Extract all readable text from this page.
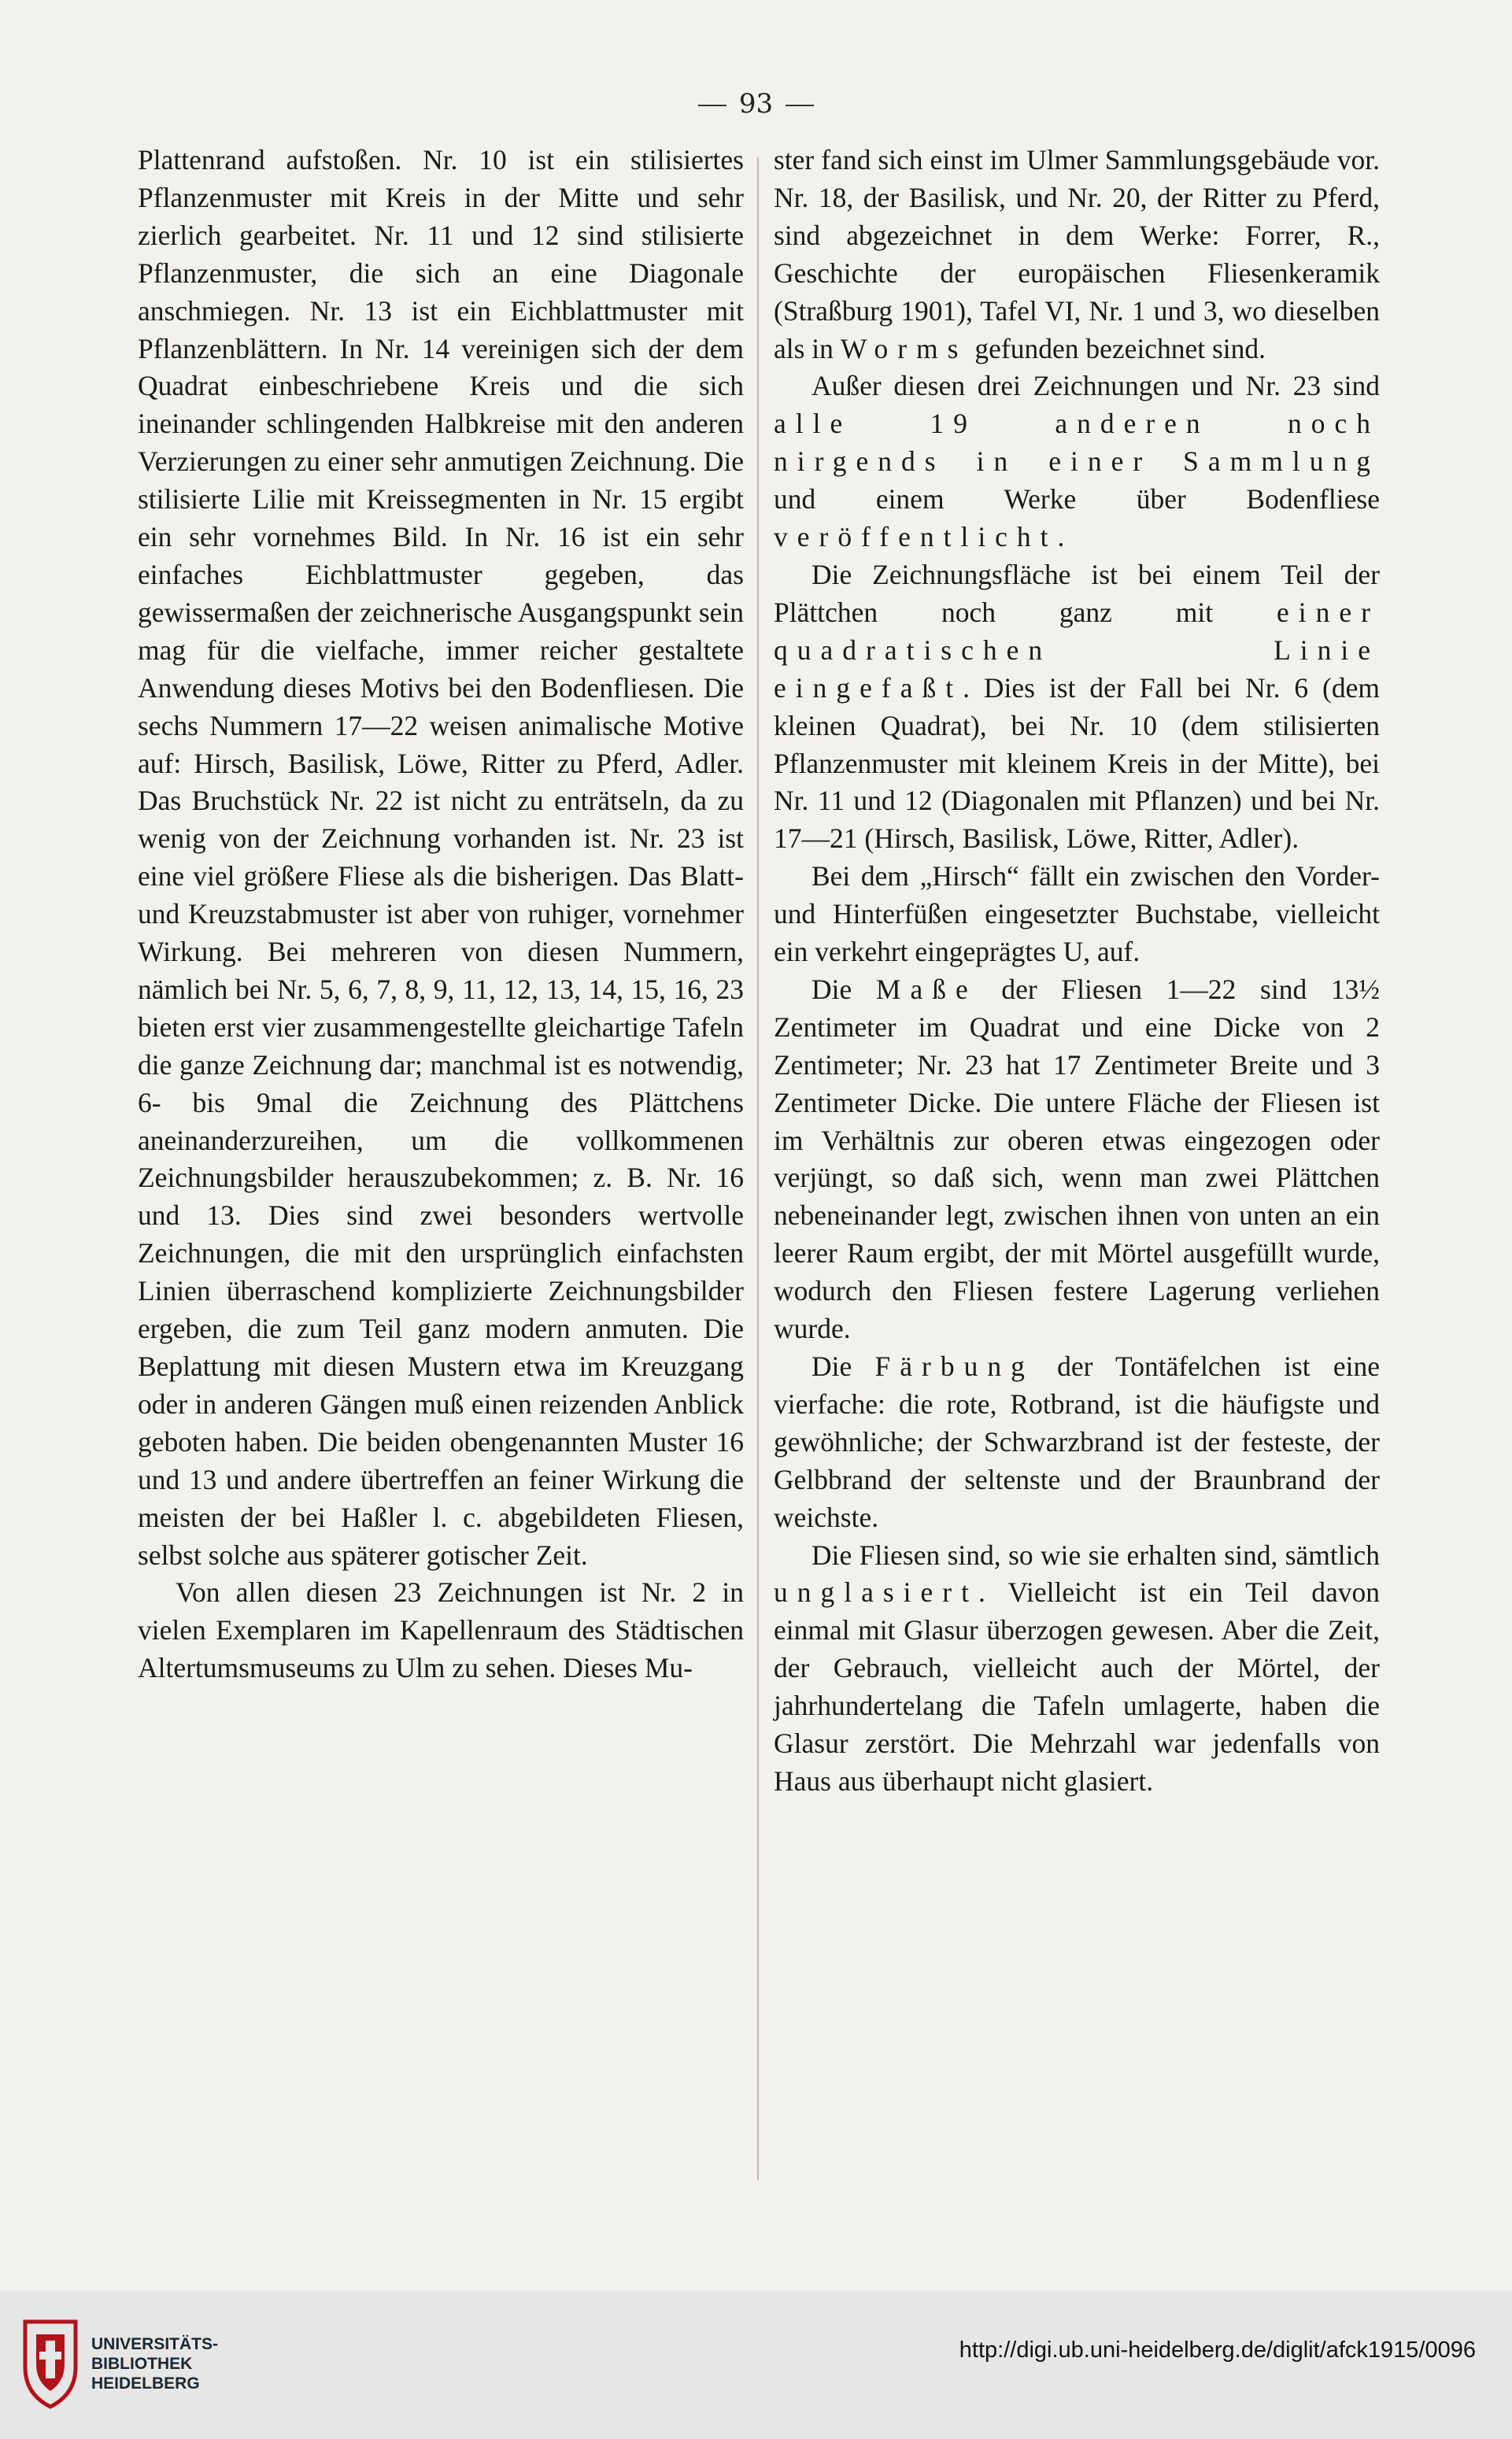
93

Plattenrand aufstoßen. Nr. 10 ist ein stilisiertes Pflanzenmuster mit Kreis in der Mitte und sehr zierlich gearbeitet. Nr. 11 und 12 sind stilisierte Pflanzenmuster, die sich an eine Diagonale anschmiegen. Nr. 13 ist ein Eichblattmuster mit Pflanzenblättern. In Nr. 14 vereinigen sich der dem Quadrat einbeschriebene Kreis und die sich ineinander schlingenden Halbkreise mit den anderen Verzierungen zu einer sehr anmutigen Zeichnung. Die stilisierte Lilie mit Kreissegmenten in Nr. 15 ergibt ein sehr vornehmes Bild. In Nr. 16 ist ein sehr einfaches Eichblattmuster gegeben, das gewissermaßen der zeichnerische Ausgangspunkt sein mag für die vielfache, immer reicher gestaltete Anwendung dieses Motivs bei den Bodenfliesen. Die sechs Nummern 17—22 weisen animalische Motive auf: Hirsch, Basilisk, Löwe, Ritter zu Pferd, Adler. Das Bruchstück Nr. 22 ist nicht zu enträtseln, da zu wenig von der Zeichnung vorhanden ist. Nr. 23 ist eine viel größere Fliese als die bisherigen. Das Blatt- und Kreuzstabmuster ist aber von ruhiger, vornehmer Wirkung. Bei mehreren von diesen Nummern, nämlich bei Nr. 5, 6, 7, 8, 9, 11, 12, 13, 14, 15, 16, 23 bieten erst vier zusammengestellte gleichartige Tafeln die ganze Zeichnung dar; manchmal ist es notwendig, 6- bis 9mal die Zeichnung des Plättchens aneinanderzureihen, um die vollkommenen Zeichnungsbilder herauszubekommen; z. B. Nr. 16 und 13. Dies sind zwei besonders wertvolle Zeichnungen, die mit den ursprünglich einfachsten Linien überraschend komplizierte Zeichnungsbilder ergeben, die zum Teil ganz modern anmuten. Die Beplattung mit diesen Mustern etwa im Kreuzgang oder in anderen Gängen muß einen reizenden Anblick geboten haben. Die beiden obengenannten Muster 16 und 13 und andere übertreffen an feiner Wirkung die meisten der bei Haßler l. c. abgebildeten Fliesen, selbst solche aus späterer gotischer Zeit.

Von allen diesen 23 Zeichnungen ist Nr. 2 in vielen Exemplaren im Kapellenraum des Städtischen Altertumsmuseums zu Ulm zu sehen. Dieses Mu-

ster fand sich einst im Ulmer Sammlungsgebäude vor. Nr. 18, der Basilisk, und Nr. 20, der Ritter zu Pferd, sind abgezeichnet in dem Werke: Forrer, R., Geschichte der europäischen Fliesenkeramik (Straßburg 1901), Tafel VI, Nr. 1 und 3, wo dieselben als in Worms gefunden bezeichnet sind.

Außer diesen drei Zeichnungen und Nr. 23 sind alle 19 anderen noch nirgends in einer Sammlung und einem Werke über Bodenfliese veröffentlicht.

Die Zeichnungsfläche ist bei einem Teil der Plättchen noch ganz mit einer quadratischen Linie eingefaßt. Dies ist der Fall bei Nr. 6 (dem kleinen Quadrat), bei Nr. 10 (dem stilisierten Pflanzenmuster mit kleinem Kreis in der Mitte), bei Nr. 11 und 12 (Diagonalen mit Pflanzen) und bei Nr. 17—21 (Hirsch, Basilisk, Löwe, Ritter, Adler).

Bei dem „Hirsch“ fällt ein zwischen den Vorder- und Hinterfüßen eingesetzter Buchstabe, vielleicht ein verkehrt eingeprägtes U, auf.

Die Maße der Fliesen 1—22 sind 13½ Zentimeter im Quadrat und eine Dicke von 2 Zentimeter; Nr. 23 hat 17 Zentimeter Breite und 3 Zentimeter Dicke. Die untere Fläche der Fliesen ist im Verhältnis zur oberen etwas eingezogen oder verjüngt, so daß sich, wenn man zwei Plättchen nebeneinander legt, zwischen ihnen von unten an ein leerer Raum ergibt, der mit Mörtel ausgefüllt wurde, wodurch den Fliesen festere Lagerung verliehen wurde.

Die Färbung der Tontäfelchen ist eine vierfache: die rote, Rotbrand, ist die häufigste und gewöhnliche; der Schwarzbrand ist der festeste, der Gelbbrand der seltenste und der Braunbrand der weichste.

Die Fliesen sind, so wie sie erhalten sind, sämtlich unglasiert. Vielleicht ist ein Teil davon einmal mit Glasur überzogen gewesen. Aber die Zeit, der Gebrauch, vielleicht auch der Mörtel, der jahrhundertelang die Tafeln umlagerte, haben die Glasur zerstört. Die Mehrzahl war jedenfalls von Haus aus überhaupt nicht glasiert.

UNIVERSITÄTS-
BIBLIOTHEK
HEIDELBERG
http://digi.ub.uni-heidelberg.de/diglit/afck1915/0096
